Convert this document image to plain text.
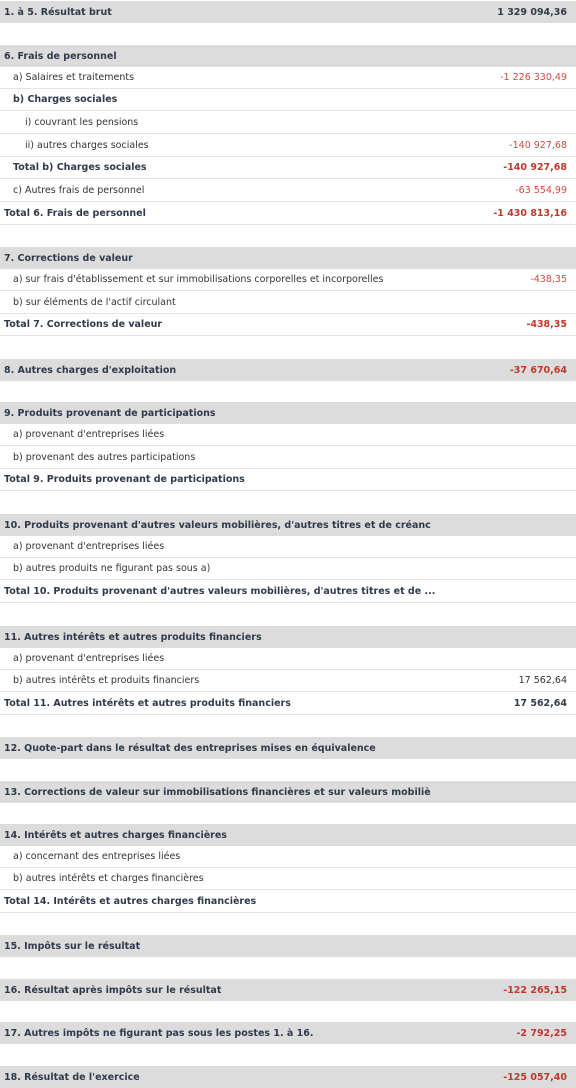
1. à 5. Résultat brut	1 329 094,36
6. Frais de personnel
a) Salaires et traitements	-1 226 330,49
b) Charges sociales
i) couvrant les pensions
ii) autres charges sociales	-140 927,68
Total b) Charges sociales	-140 927,68
c) Autres frais de personnel	-63 554,99
Total 6. Frais de personnel	-1 430 813,16
7. Corrections de valeur
a) sur frais d'établissement et sur immobilisations corporelles et incorporelles	-438,35
b) sur éléments de l'actif circulant
Total 7. Corrections de valeur	-438,35
8. Autres charges d'exploitation	-37 670,64
9. Produits provenant de participations
a) provenant d'entreprises liées
b) provenant des autres participations
Total 9. Produits provenant de participations
10. Produits provenant d'autres valeurs mobilières, d'autres titres et de créanc
a) provenant d'entreprises liées
b) autres produits ne figurant pas sous a)
Total 10. Produits provenant d'autres valeurs mobilières, d'autres titres et de ...
11. Autres intérêts et autres produits financiers
a) provenant d'entreprises liées
b) autres intérêts et produits financiers	17 562,64
Total 11. Autres intérêts et autres produits financiers	17 562,64
12. Quote-part dans le résultat des entreprises mises en équivalence
13. Corrections de valeur sur immobilisations financières et sur valeurs mobiliè
14. Intérêts et autres charges financières
a) concernant des entreprises liées
b) autres intérêts et charges financières
Total 14. Intérêts et autres charges financières
15. Impôts sur le résultat
16. Résultat après impôts sur le résultat	-122 265,15
17. Autres impôts ne figurant pas sous les postes 1. à 16.	-2 792,25
18. Résultat de l'exercice	-125 057,40
